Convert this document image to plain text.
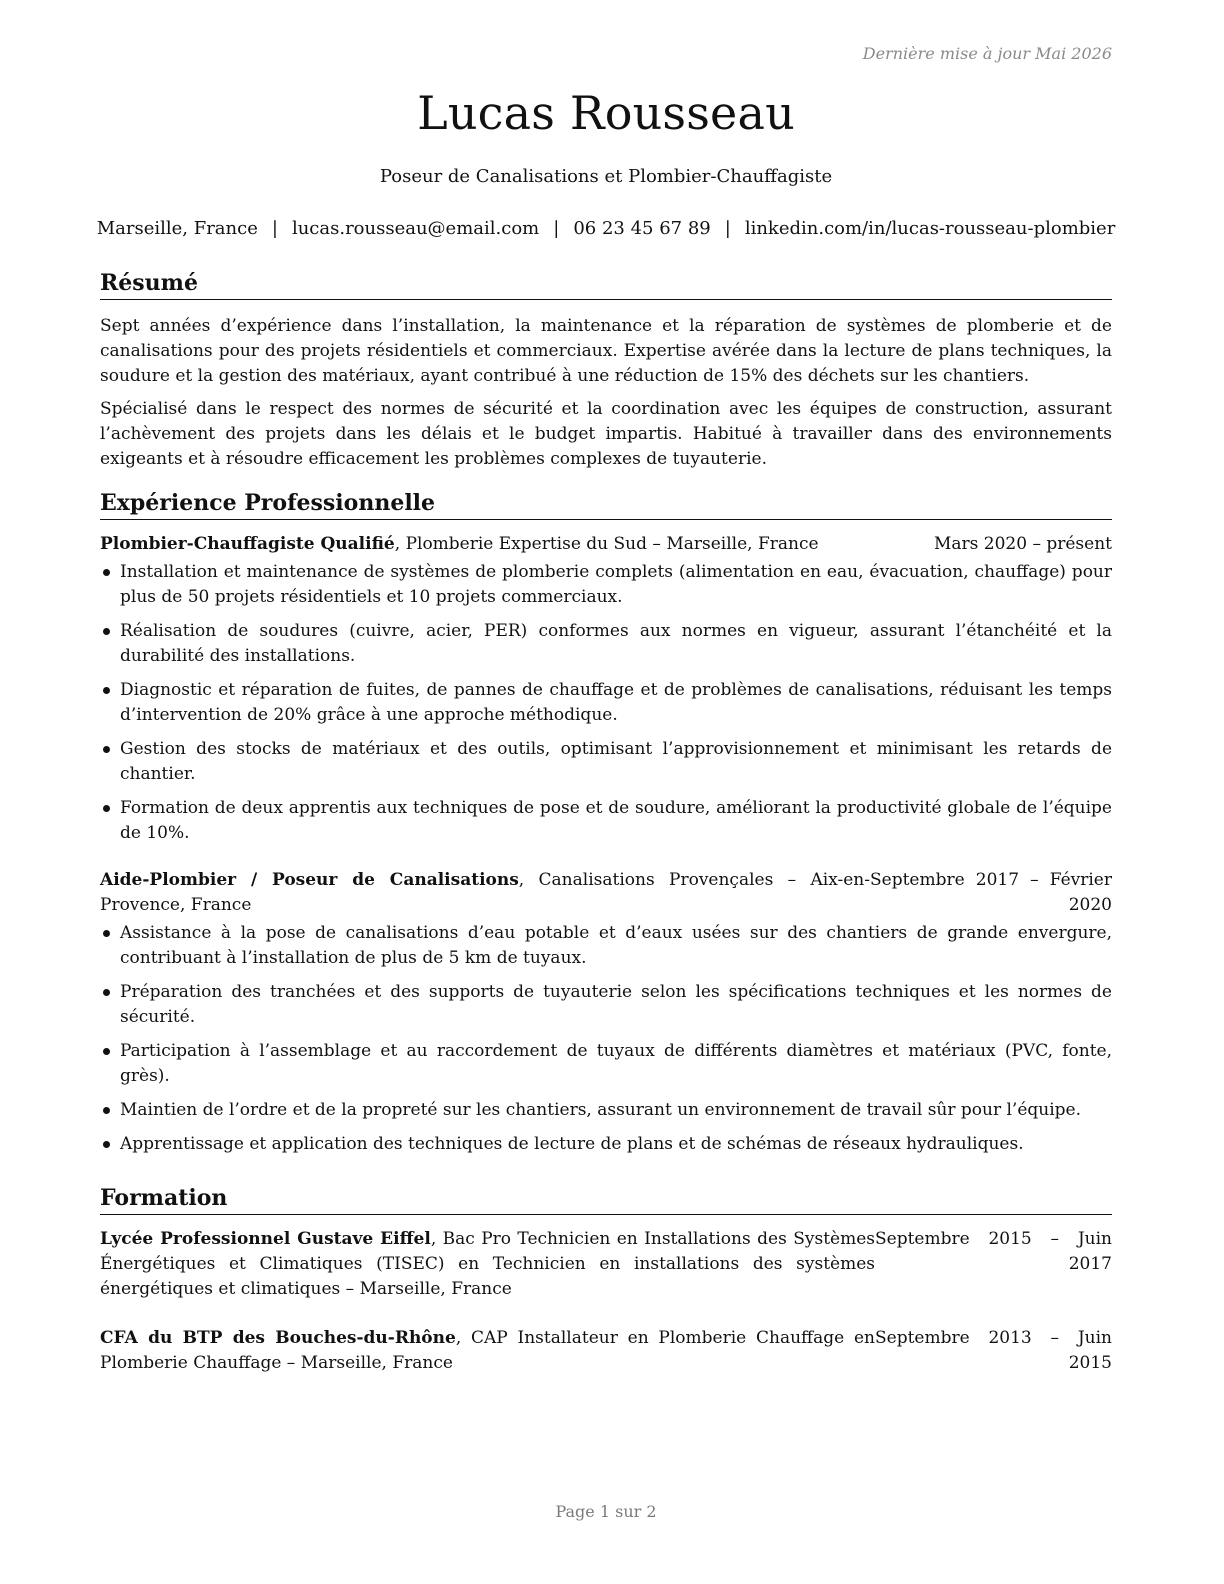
Dernière mise à jour Mai 2026
Lucas Rousseau
Poseur de Canalisations et Plombier-Chauffagiste
Marseille, France | lucas.rousseau@email.com | 06 23 45 67 89 | linkedin.com/in/lucas-rousseau-plombier
Résumé

Sept années d’expérience dans l’installation, la maintenance et la réparation de systèmes de plomberie et de canalisations pour des projets résidentiels et commerciaux. Expertise avérée dans la lecture de plans techniques, la soudure et la gestion des matériaux, ayant contribué à une réduction de 15% des déchets sur les chantiers.

Spécialisé dans le respect des normes de sécurité et la coordination avec les équipes de construction, assurant l’achèvement des projets dans les délais et le budget impartis. Habitué à travailler dans des environnements exigeants et à résoudre efficacement les problèmes complexes de tuyauterie.

Expérience Professionnelle
Plombier-Chauffagiste Qualifié, Plomberie Expertise du Sud – Marseille, France	Mars 2020 – présent
Installation et maintenance de systèmes de plomberie complets (alimentation en eau, évacuation, chauffage) pour plus de 50 projets résidentiels et 10 projets commerciaux.
Réalisation de soudures (cuivre, acier, PER) conformes aux normes en vigueur, assurant l’étanchéité et la durabilité des installations.
Diagnostic et réparation de fuites, de pannes de chauffage et de problèmes de canalisations, réduisant les temps d’intervention de 20% grâce à une approche méthodique.
Gestion des stocks de matériaux et des outils, optimisant l’approvisionnement et minimisant les retards de chantier.
Formation de deux apprentis aux techniques de pose et de soudure, améliorant la productivité globale de l’équipe de 10%.
Aide-Plombier / Poseur de Canalisations, Canalisations Provençales – Aix-en-Provence, France
Septembre 2017 – Février 2020
Assistance à la pose de canalisations d’eau potable et d’eaux usées sur des chantiers de grande envergure, contribuant à l’installation de plus de 5 km de tuyaux.
Préparation des tranchées et des supports de tuyauterie selon les spécifications techniques et les normes de sécurité.
Participation à l’assemblage et au raccordement de tuyaux de différents diamètres et matériaux (PVC, fonte, grès).
Maintien de l’ordre et de la propreté sur les chantiers, assurant un environnement de travail sûr pour l’équipe.
Apprentissage et application des techniques de lecture de plans et de schémas de réseaux hydrauliques.
Formation
Lycée Professionnel Gustave Eiffel, Bac Pro Technicien en Installations des Systèmes Énergétiques et Climatiques (TISEC) en Technicien en installations des systèmes énergétiques et climatiques – Marseille, France
Septembre 2015 – Juin 2017
CFA du BTP des Bouches-du-Rhône, CAP Installateur en Plomberie Chauffage en Plomberie Chauffage – Marseille, France
Septembre 2013 – Juin 2015
Page 1 sur 2
